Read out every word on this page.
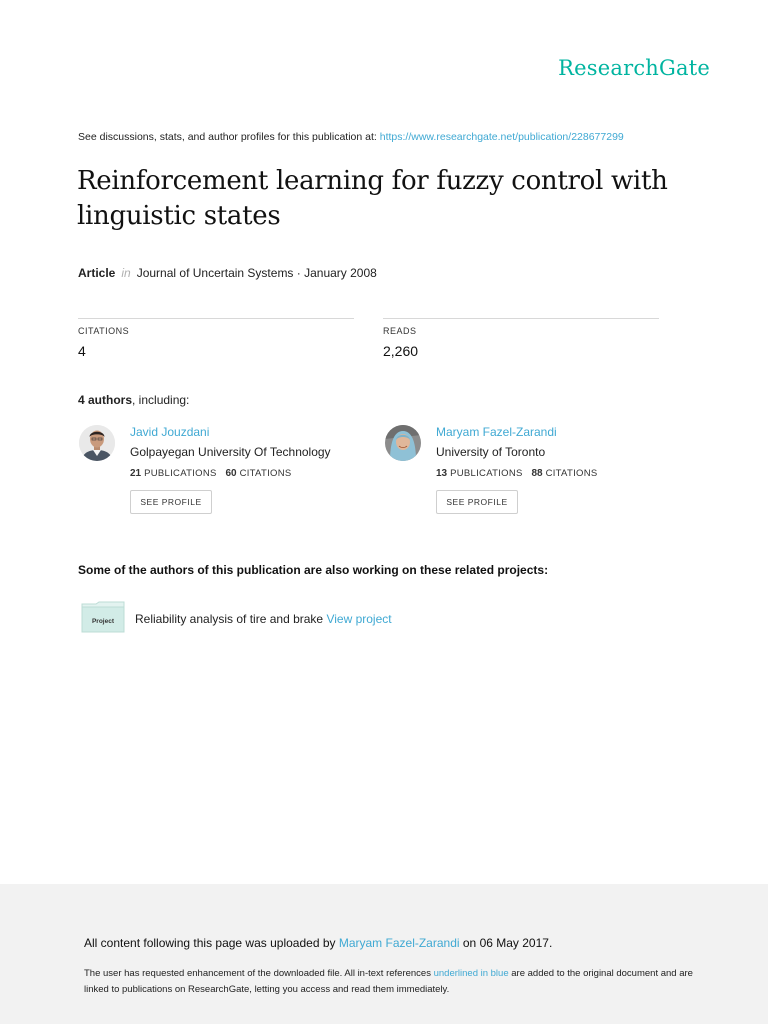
ResearchGate
See discussions, stats, and author profiles for this publication at: https://www.researchgate.net/publication/228677299
Reinforcement learning for fuzzy control with linguistic states
Article in Journal of Uncertain Systems · January 2008
CITATIONS
4
READS
2,260
4 authors, including:
Javid Jouzdani
Golpayegan University Of Technology
21 PUBLICATIONS 60 CITATIONS
SEE PROFILE
Maryam Fazel-Zarandi
University of Toronto
13 PUBLICATIONS 88 CITATIONS
SEE PROFILE
Some of the authors of this publication are also working on these related projects:
Project Reliability analysis of tire and brake View project
All content following this page was uploaded by Maryam Fazel-Zarandi on 06 May 2017.
The user has requested enhancement of the downloaded file. All in-text references underlined in blue are added to the original document and are linked to publications on ResearchGate, letting you access and read them immediately.
